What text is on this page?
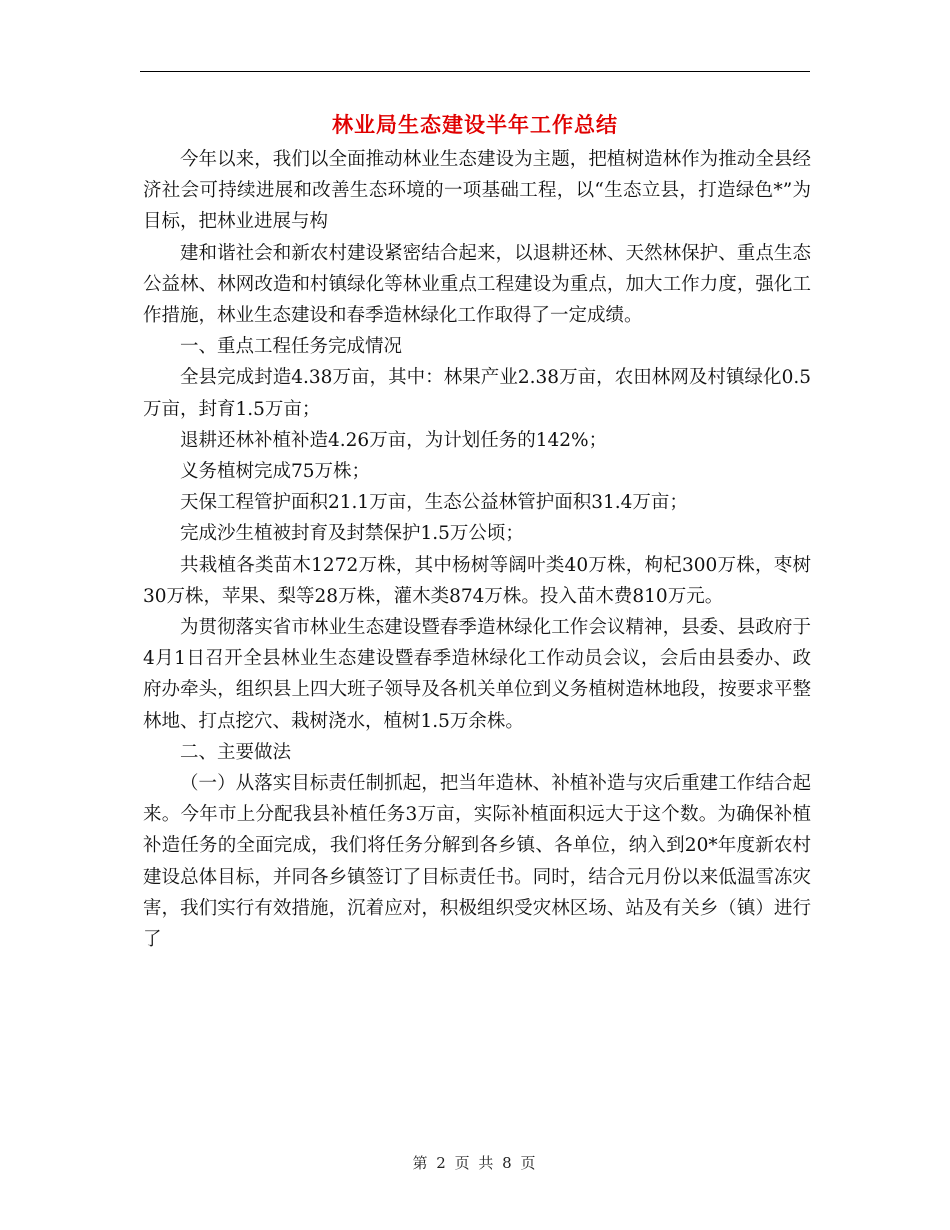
林业局生态建设半年工作总结

今年以来，我们以全面推动林业生态建设为主题，把植树造林作为推动全县经济社会可持续进展和改善生态环境的一项基础工程，以“生态立县，打造绿色*”为目标，把林业进展与构

建和谐社会和新农村建设紧密结合起来，以退耕还林、天然林保护、重点生态公益林、林网改造和村镇绿化等林业重点工程建设为重点，加大工作力度，强化工作措施，林业生态建设和春季造林绿化工作取得了一定成绩。

一、重点工程任务完成情况

全县完成封造4.38万亩，其中：林果产业2.38万亩，农田林网及村镇绿化0.5万亩，封育1.5万亩；

退耕还林补植补造4.26万亩，为计划任务的142%；

义务植树完成75万株；

天保工程管护面积21.1万亩，生态公益林管护面积31.4万亩；

完成沙生植被封育及封禁保护1.5万公顷；

共栽植各类苗木1272万株，其中杨树等阔叶类40万株，枸杞300万株，枣树30万株，苹果、梨等28万株，灌木类874万株。投入苗木费810万元。

为贯彻落实省市林业生态建设暨春季造林绿化工作会议精神，县委、县政府于4月1日召开全县林业生态建设暨春季造林绿化工作动员会议，会后由县委办、政府办牵头，组织县上四大班子领导及各机关单位到义务植树造林地段，按要求平整林地、打点挖穴、栽树浇水，植树1.5万余株。

二、主要做法

（一）从落实目标责任制抓起，把当年造林、补植补造与灾后重建工作结合起来。今年市上分配我县补植任务3万亩，实际补植面积远大于这个数。为确保补植补造任务的全面完成，我们将任务分解到各乡镇、各单位，纳入到20*年度新农村建设总体目标，并同各乡镇签订了目标责任书。同时，结合元月份以来低温雪冻灾害，我们实行有效措施，沉着应对，积极组织受灾林区场、站及有关乡（镇）进行了

第 2 页 共 8 页
